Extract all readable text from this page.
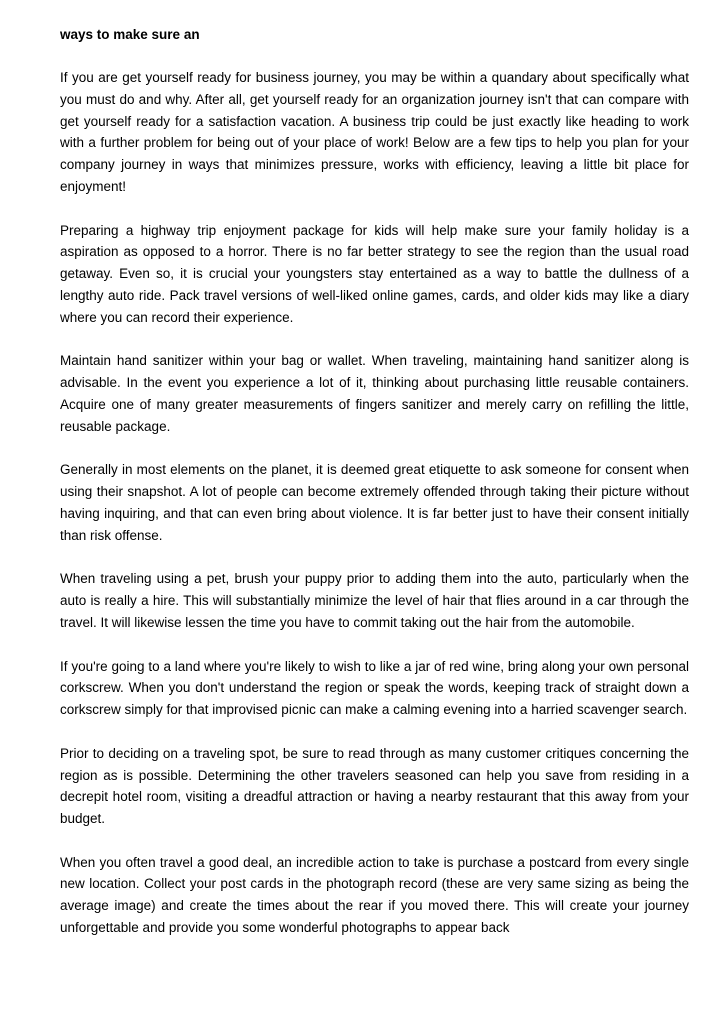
ways to make sure an

If you are get yourself ready for business journey, you may be within a quandary about specifically what you must do and why. After all, get yourself ready for an organization journey isn't that can compare with get yourself ready for a satisfaction vacation. A business trip could be just exactly like heading to work with a further problem for being out of your place of work! Below are a few tips to help you plan for your company journey in ways that minimizes pressure, works with efficiency, leaving a little bit place for enjoyment!

Preparing a highway trip enjoyment package for kids will help make sure your family holiday is a aspiration as opposed to a horror. There is no far better strategy to see the region than the usual road getaway. Even so, it is crucial your youngsters stay entertained as a way to battle the dullness of a lengthy auto ride. Pack travel versions of well-liked online games, cards, and older kids may like a diary where you can record their experience.

Maintain hand sanitizer within your bag or wallet. When traveling, maintaining hand sanitizer along is advisable. In the event you experience a lot of it, thinking about purchasing little reusable containers. Acquire one of many greater measurements of fingers sanitizer and merely carry on refilling the little, reusable package.

Generally in most elements on the planet, it is deemed great etiquette to ask someone for consent when using their snapshot. A lot of people can become extremely offended through taking their picture without having inquiring, and that can even bring about violence. It is far better just to have their consent initially than risk offense.

When traveling using a pet, brush your puppy prior to adding them into the auto, particularly when the auto is really a hire. This will substantially minimize the level of hair that flies around in a car through the travel. It will likewise lessen the time you have to commit taking out the hair from the automobile.

If you're going to a land where you're likely to wish to like a jar of red wine, bring along your own personal corkscrew. When you don't understand the region or speak the words, keeping track of straight down a corkscrew simply for that improvised picnic can make a calming evening into a harried scavenger search.

Prior to deciding on a traveling spot, be sure to read through as many customer critiques concerning the region as is possible. Determining the other travelers seasoned can help you save from residing in a decrepit hotel room, visiting a dreadful attraction or having a nearby restaurant that this away from your budget.

When you often travel a good deal, an incredible action to take is purchase a postcard from every single new location. Collect your post cards in the photograph record (these are very same sizing as being the average image) and create the times about the rear if you moved there. This will create your journey unforgettable and provide you some wonderful photographs to appear back
